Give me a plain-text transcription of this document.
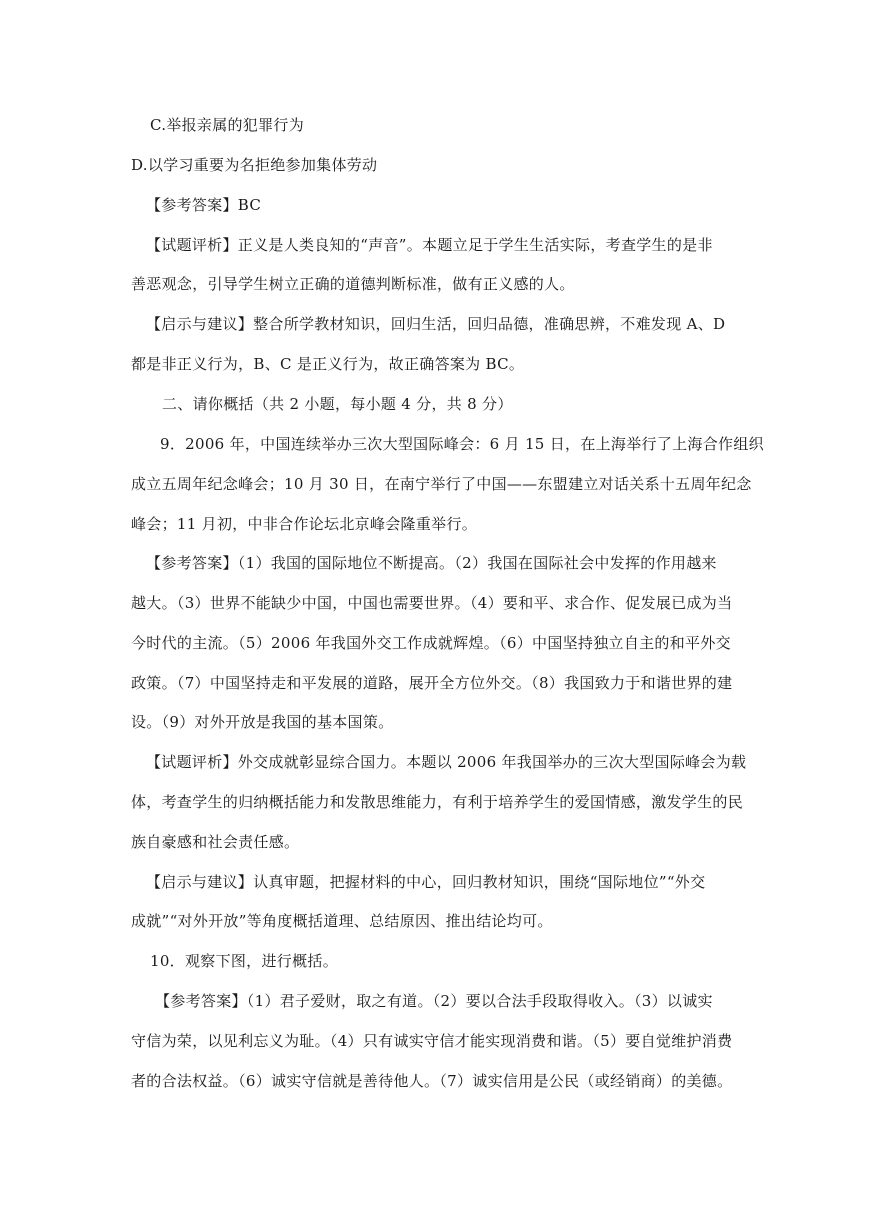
C.举报亲属的犯罪行为
D.以学习重要为名拒绝参加集体劳动
【参考答案】BC
【试题评析】正义是人类良知的“声音”。本题立足于学生生活实际，考查学生的是非
善恶观念，引导学生树立正确的道德判断标准，做有正义感的人。
【启示与建议】整合所学教材知识，回归生活，回归品德，准确思辨，不难发现 A、D
都是非正义行为，B、C 是正义行为，故正确答案为 BC。
二、请你概括（共 2 小题，每小题 4 分，共 8 分）
9．2006 年，中国连续举办三次大型国际峰会：6 月 15 日，在上海举行了上海合作组织
成立五周年纪念峰会；10 月 30 日，在南宁举行了中国——东盟建立对话关系十五周年纪念
峰会；11 月初，中非合作论坛北京峰会隆重举行。
【参考答案】（1）我国的国际地位不断提高。（2）我国在国际社会中发挥的作用越来
越大。（3）世界不能缺少中国，中国也需要世界。（4）要和平、求合作、促发展已成为当
今时代的主流。（5）2006 年我国外交工作成就辉煌。（6）中国坚持独立自主的和平外交
政策。（7）中国坚持走和平发展的道路，展开全方位外交。（8）我国致力于和谐世界的建
设。（9）对外开放是我国的基本国策。
【试题评析】外交成就彰显综合国力。本题以 2006 年我国举办的三次大型国际峰会为载
体，考查学生的归纳概括能力和发散思维能力，有利于培养学生的爱国情感，激发学生的民
族自豪感和社会责任感。
【启示与建议】认真审题，把握材料的中心，回归教材知识，围绕“国际地位”“外交
成就”“对外开放”等角度概括道理、总结原因、推出结论均可。
10．观察下图，进行概括。
【参考答案】（1）君子爱财，取之有道。（2）要以合法手段取得收入。（3）以诚实
守信为荣，以见利忘义为耻。（4）只有诚实守信才能实现消费和谐。（5）要自觉维护消费
者的合法权益。（6）诚实守信就是善待他人。（7）诚实信用是公民（或经销商）的美德。
